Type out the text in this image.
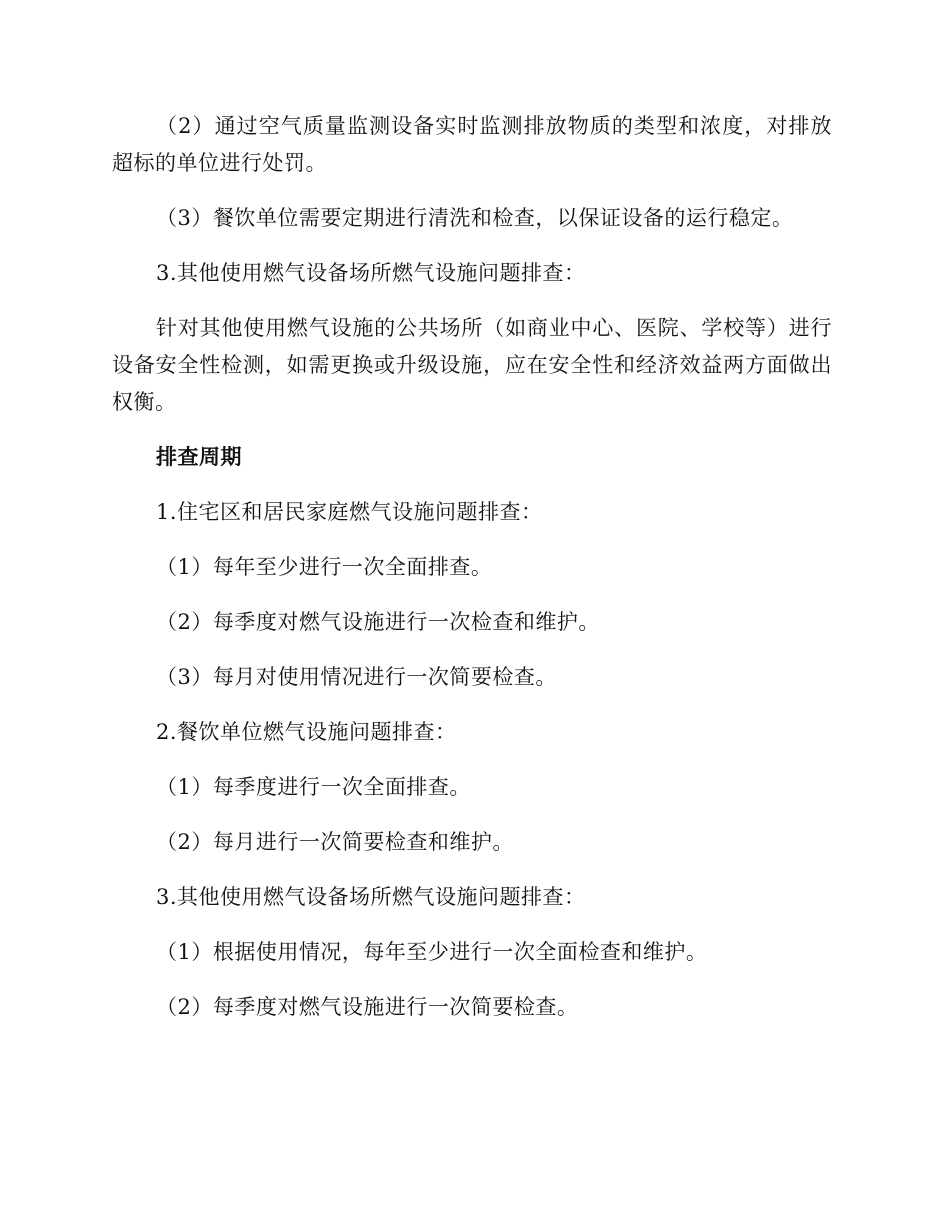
（2）通过空气质量监测设备实时监测排放物质的类型和浓度，对排放超标的单位进行处罚。

（3）餐饮单位需要定期进行清洗和检查，以保证设备的运行稳定。

3.其他使用燃气设备场所燃气设施问题排查：

针对其他使用燃气设施的公共场所（如商业中心、医院、学校等）进行设备安全性检测，如需更换或升级设施，应在安全性和经济效益两方面做出权衡。

排查周期

1.住宅区和居民家庭燃气设施问题排查：

（1）每年至少进行一次全面排查。

（2）每季度对燃气设施进行一次检查和维护。

（3）每月对使用情况进行一次简要检查。

2.餐饮单位燃气设施问题排查：

（1）每季度进行一次全面排查。

（2）每月进行一次简要检查和维护。

3.其他使用燃气设备场所燃气设施问题排查：

（1）根据使用情况，每年至少进行一次全面检查和维护。

（2）每季度对燃气设施进行一次简要检查。
